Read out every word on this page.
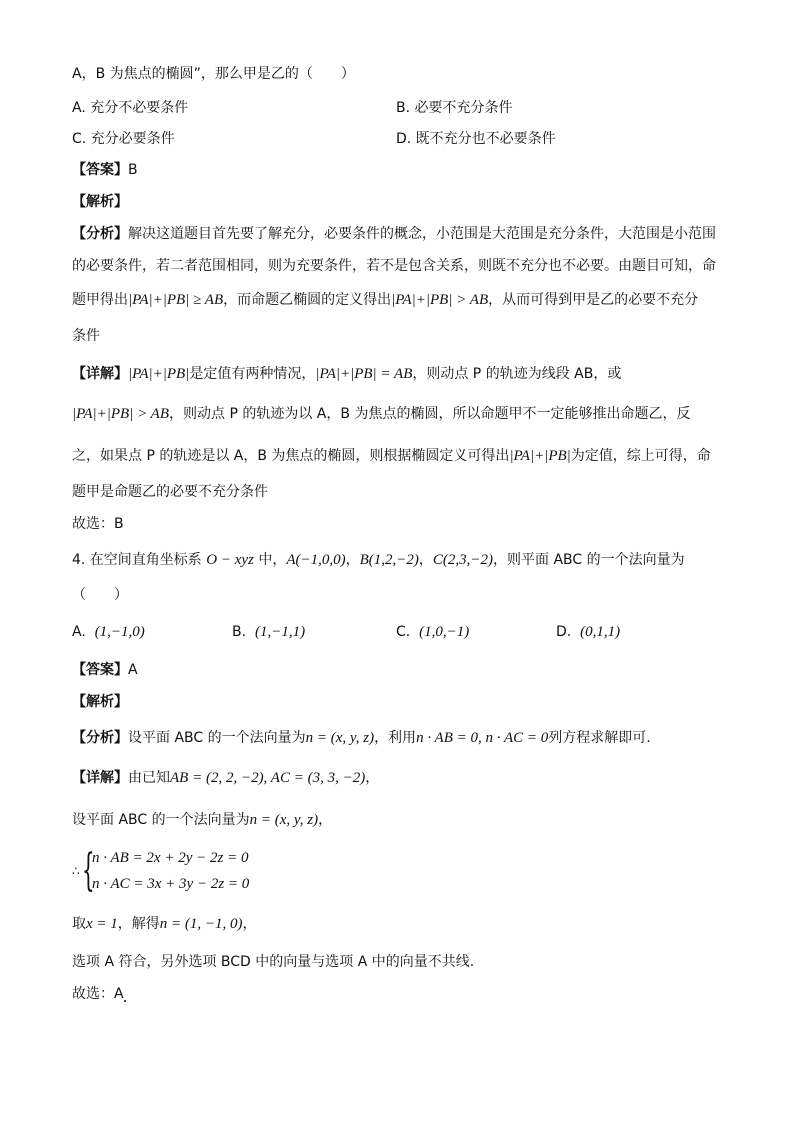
A，B 为焦点的椭圆”，那么甲是乙的（　　）
A. 充分不必要条件	B. 必要不充分条件
C. 充分必要条件	D. 既不充分也不必要条件
【答案】B
【解析】
【分析】解决这道题目首先要了解充分，必要条件的概念，小范围是大范围是充分条件，大范围是小范围
的必要条件，若二者范围相同，则为充要条件，若不是包含关系，则既不充分也不必要。由题目可知，命
题甲得出|PA|+|PB| ≥ AB，而命题乙椭圆的定义得出|PA|+|PB| > AB，从而可得到甲是乙的必要不充分
条件
【详解】|PA|+|PB|是定值有两种情况，|PA|+|PB| = AB，则动点 P 的轨迹为线段 AB，或
|PA|+|PB| > AB，则动点 P 的轨迹为以 A，B 为焦点的椭圆，所以命题甲不一定能够推出命题乙，反
之，如果点 P 的轨迹是以 A，B 为焦点的椭圆，则根据椭圆定义可得出|PA|+|PB|为定值，综上可得，命
题甲是命题乙的必要不充分条件
故选：B
4. 在空间直角坐标系 O − xyz 中，A(−1,0,0)，B(1,2,−2)，C(2,3,−2)，则平面 ABC 的一个法向量为
（　　）
A. (1,−1,0)	B. (1,−1,1)	C. (1,0,−1)	D. (0,1,1)
【答案】A
【解析】
【分析】设平面 ABC 的一个法向量为n = (x, y, z)，利用n · AB = 0, n · AC = 0列方程求解即可.
【详解】由已知AB = (2, 2, −2), AC = (3, 3, −2)，
设平面 ABC 的一个法向量为n = (x, y, z)，
∴ {
n · AB = 2x + 2y − 2z = 0
n · AC = 3x + 3y − 2z = 0
取x = 1，解得n = (1, −1, 0)，
选项 A 符合，另外选项 BCD 中的向量与选项 A 中的向量不共线.
故选：A
